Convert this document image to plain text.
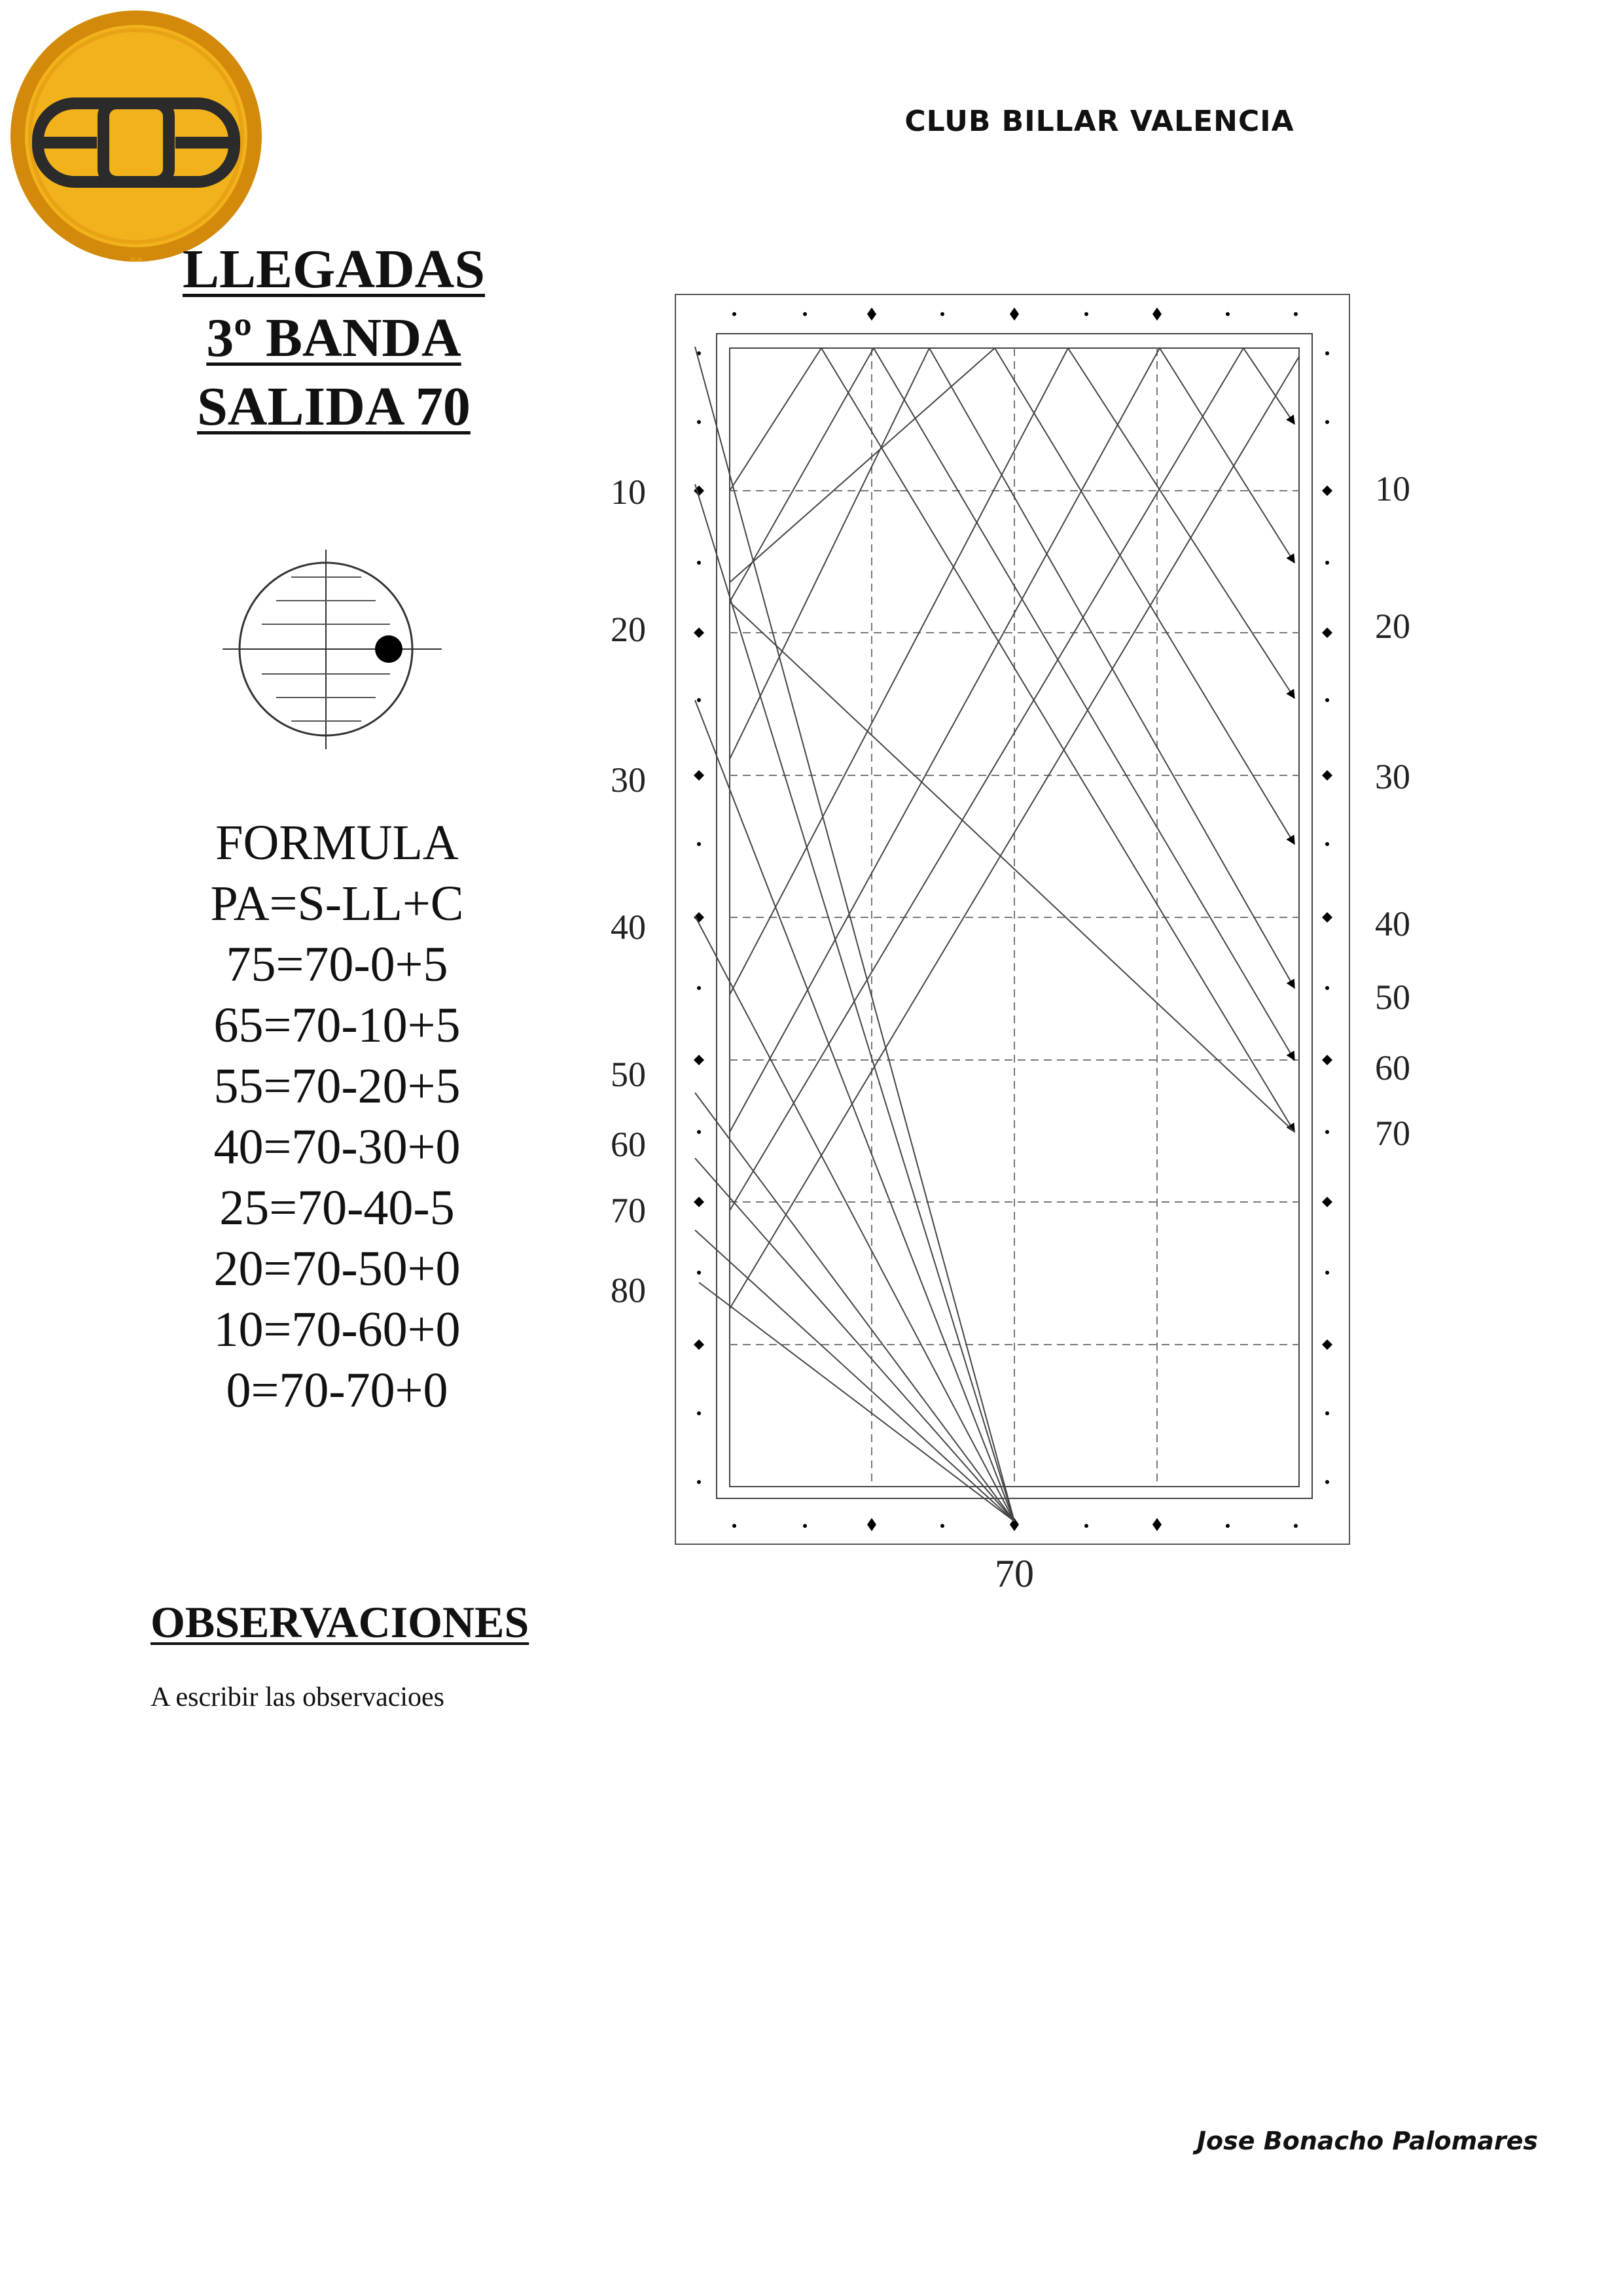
SGB
CLUB BILLAR VALENCIA
LLEGADAS
3º BANDA
SALIDA 70
FORMULA
PA=S-LL+C
75=70-0+5
65=70-10+5
55=70-20+5
40=70-30+0
25=70-40-5
20=70-50+0
10=70-60+0
0=70-70+0
10
20
30
40
50
60
70
80
10
20
30
40
50
60
70
70
OBSERVACIONES
A escribir las observacioes
Jose Bonacho Palomares
